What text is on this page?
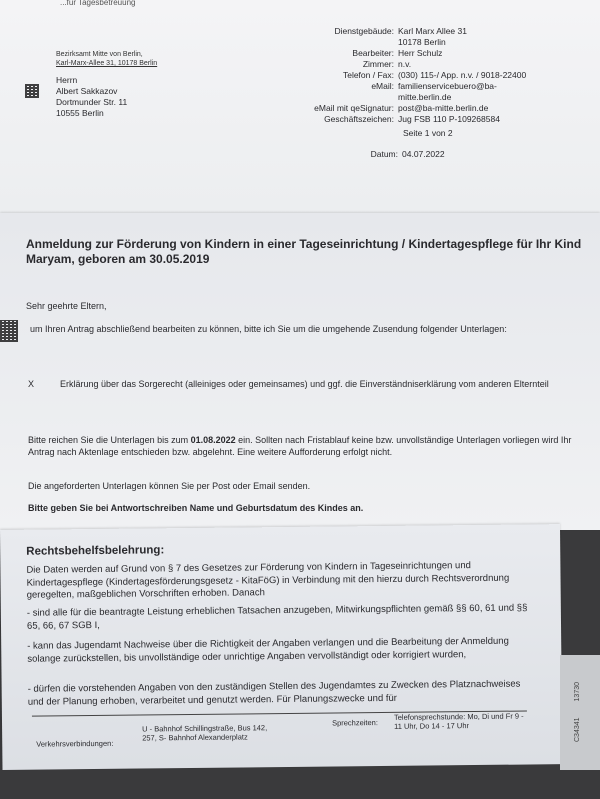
...für Tagesbetreuung
Bezirksamt Mitte von Berlin,
Karl-Marx-Allee 31, 10178 Berlin
Herrn
Albert Sakkazov
Dortmunder Str. 11
10555 Berlin
Dienstgebäude: Karl Marx Allee 31
10178 Berlin
Bearbeiter: Herr Schulz
Zimmer: n.v.
Telefon / Fax: (030) 115-/ App. n.v. / 9018-22400
eMail: familienservicebuero@ba-
mitte.berlin.de
eMail mit qeSignatur: post@ba-mitte.berlin.de
Geschäftszeichen: Jug FSB 110 P-109268584
Seite 1 von 2
Datum: 04.07.2022
Anmeldung zur Förderung von Kindern in einer Tageseinrichtung / Kindertagespflege für Ihr Kind Maryam, geboren am 30.05.2019
Sehr geehrte Eltern,
um Ihren Antrag abschließend bearbeiten zu können, bitte ich Sie um die umgehende Zusendung folgender Unterlagen:
X	Erklärung über das Sorgerecht (alleiniges oder gemeinsames) und ggf. die Einverständniserklärung vom anderen Elternteil
Bitte reichen Sie die Unterlagen bis zum 01.08.2022 ein. Sollten nach Fristablauf keine bzw. unvollständige Unterlagen vorliegen wird Ihr Antrag nach Aktenlage entschieden bzw. abgelehnt. Eine weitere Aufforderung erfolgt nicht.
Die angeforderten Unterlagen können Sie per Post oder Email senden.
Bitte geben Sie bei Antwortschreiben Name und Geburtsdatum des Kindes an.
Rechtsbehelfsbelehrung:
Die Daten werden auf Grund von § 7 des Gesetzes zur Förderung von Kindern in Tageseinrichtungen und Kindertagespflege (Kindertagesförderungsgesetz - KitaFöG) in Verbindung mit den hierzu durch Rechtsverordnung geregelten, maßgeblichen Vorschriften erhoben. Danach
- sind alle für die beantragte Leistung erheblichen Tatsachen anzugeben, Mitwirkungspflichten gemäß §§ 60, 61 und §§ 65, 66, 67 SGB I,
- kann das Jugendamt Nachweise über die Richtigkeit der Angaben verlangen und die Bearbeitung der Anmeldung solange zurückstellen, bis unvollständige oder unrichtige Angaben vervollständigt oder korrigiert wurden,
- dürfen die vorstehenden Angaben von den zuständigen Stellen des Jugendamtes zu Zwecken des Platznachweises und der Planung erhoben, verarbeitet und genutzt werden. Für Planungszwecke und für
Verkehrsverbindungen:
U - Bahnhof Schillingstraße, Bus 142,
257, S- Bahnhof Alexanderplatz
Sprechzeiten:
Telefonsprechstunde: Mo, Di und Fr 9 -
11 Uhr, Do 14 - 17 Uhr	C3434113730
